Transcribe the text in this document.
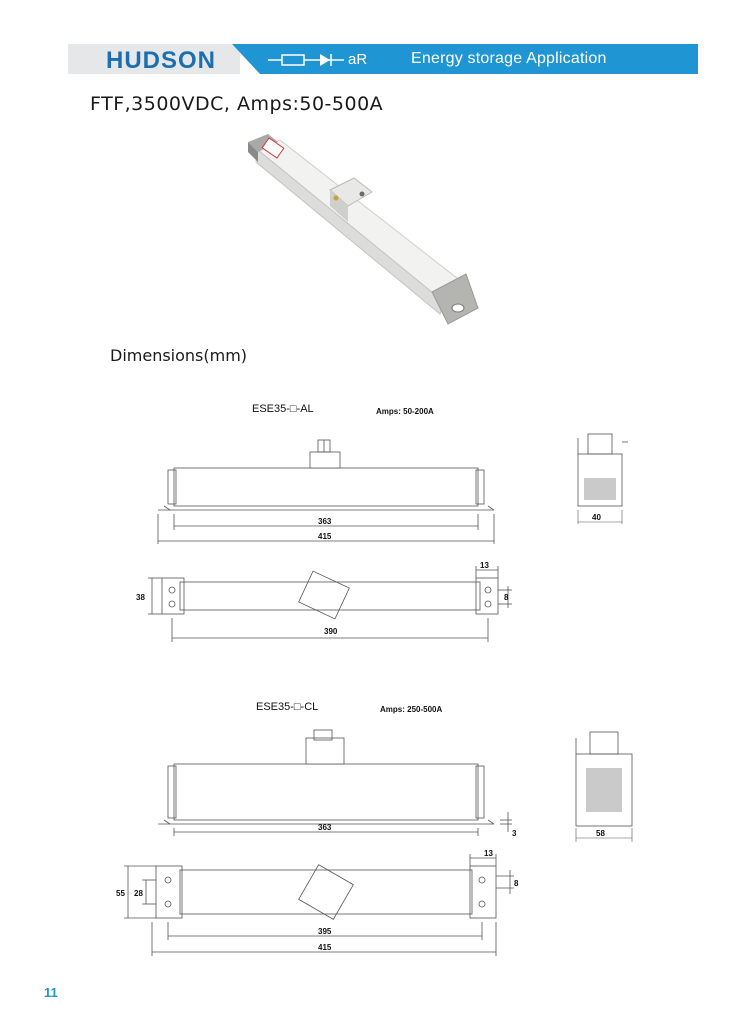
HUDSON	aR	Energy storage Application
FTF,3500VDC, Amps:50-500A
Dimensions(mm)
ESE35-□-AL	Amps: 50-200A
363
415
40
13
8
38
390
ESE35-□-CL	Amps: 250-500A
363
3	58
13
8
55 28
395
415
11
